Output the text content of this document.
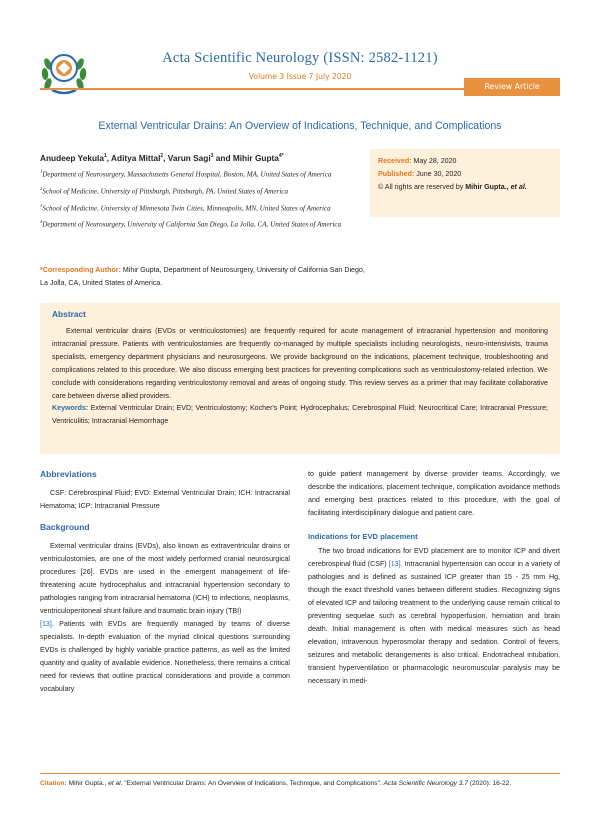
Acta Scientific Neurology (ISSN: 2582-1121)
Volume 3 Issue 7 July 2020
Review Article
External Ventricular Drains: An Overview of Indications, Technique, and Complications
Anudeep Yekula$^1$, Aditya Mittal$^2$, Varun Sagi$^3$ and Mihir Gupta$^{4*}$
$^1$Department of Neurosurgery, Massachusetts General Hospital, Boston, MA, United States of America
$^2$School of Medicine, University of Pittsburgh, Pittsburgh, PA, United States of America
$^3$School of Medicine, University of Minnesota Twin Cities, Minneapolis, MN, United States of America
$^4$Department of Neurosurgery, University of California San Diego, La Jolla, CA, United States of America
*Corresponding Author: Mihir Gupta, Department of Neurosurgery, University of California San Diego, La Jolla, CA, United States of America.
Received: May 28, 2020
Published: June 30, 2020
© All rights are reserved by Mihir Gupta., et al.
Abstract
External ventricular drains (EVDs or ventriculostomies) are frequently required for acute management of intracranial hypertension and monitoring intracranial pressure. Patients with ventriculostomies are frequently co-managed by multiple specialists including neurologists, neuro-intensivists, trauma specialists, emergency department physicians and neurosurgeons. We provide background on the indications, placement technique, troubleshooting and complications related to this procedure. We also discuss emerging best practices for preventing complications such as ventriculostomy-related infection. We conclude with considerations regarding ventriculostomy removal and areas of ongoing study. This review serves as a primer that may facilitate collaborative care between diverse allied providers.
Keywords: External Ventricular Drain; EVD; Ventriculostomy; Kocher's Point; Hydrocephalus; Cerebrospinal Fluid; Neurocritical Care; Intracranial Pressure; Ventriculitis; Intracranial Hemorrhage
Abbreviations
CSF: Cerebrospinal Fluid; EVD: External Ventricular Drain; ICH: Intracranial Hematoma; ICP: Intracranial Pressure
Background
External ventricular drains (EVDs), also known as extraventricular drains or ventriculostomies, are one of the most widely performed cranial neurosurgical procedures [26]. EVDs are used in the emergent management of life-threatening acute hydrocephalus and intracranial hypertension secondary to pathologies ranging from intracranial hematoma (ICH) to infections, neoplasms, ventriculoperitoneal shunt failure and traumatic brain injury (TBI)
[13]. Patients with EVDs are frequently managed by teams of diverse specialists. In-depth evaluation of the myriad clinical questions surrounding EVDs is challenged by highly variable practice patterns, as well as the limited quantity and quality of available evidence. Nonetheless, there remains a critical need for reviews that outline practical considerations and provide a common vocabulary
to guide patient management by diverse provider teams. Accordingly, we describe the indications, placement technique, complication avoidance methods and emerging best practices related to this procedure, with the goal of facilitating interdisciplinary dialogue and patient care.
Indications for EVD placement
The two broad indications for EVD placement are to monitor ICP and divert cerebrospinal fluid (CSF) [13]. Intracranial hypertension can occur in a variety of pathologies and is defined as sustained ICP greater than 15 - 25 mm Hg, though the exact threshold varies between different studies. Recognizing signs of elevated ICP and tailoring treatment to the underlying cause remain critical to preventing sequelae such as cerebral hypoperfusion, herniation and brain death. Initial management is often with medical measures such as head elevation, intravenous hyperosmolar therapy and sedation. Control of fevers, seizures and metabolic derangements is also critical. Endotracheal intubation, transient hyperventilation or pharmacologic neuromuscular paralysis may be necessary in medi-
Citation: Mihir Gupta., et al. "External Ventricular Drains: An Overview of Indications, Technique, and Complications". Acta Scientific Neurology 3.7 (2020): 16-22.
